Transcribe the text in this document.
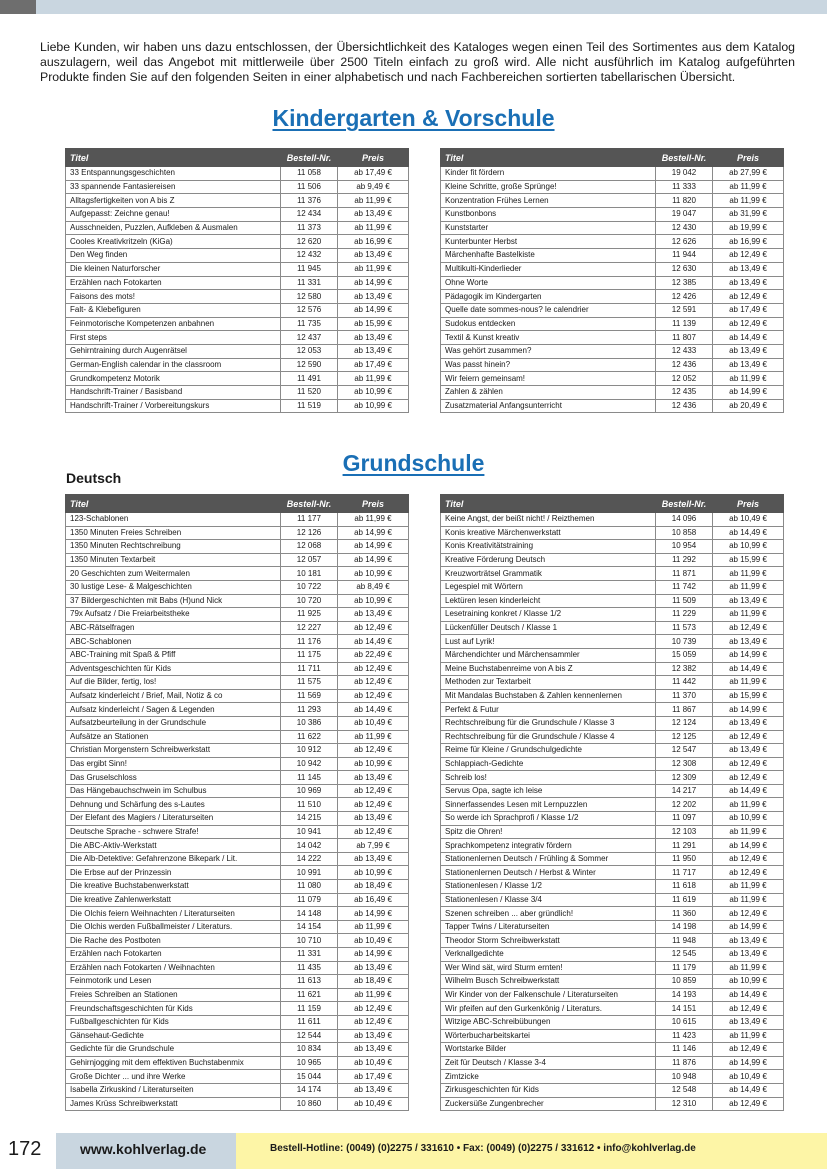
Liebe Kunden, wir haben uns dazu entschlossen, der Übersichtlichkeit des Kataloges wegen einen Teil des Sortimentes aus dem Katalog auszulagern, weil das Angebot mit mittlerweile über 2500 Titeln einfach zu groß wird. Alle nicht ausführlich im Katalog aufgeführten Produkte finden Sie auf den folgenden Seiten in einer alphabetisch und nach Fachbereichen sortierten tabellarischen Übersicht.

Kindergarten & Vorschule
Titel	Bestell-Nr.	Preis
33 Entspannungsgeschichten	11 058	ab 17,49 €
33 spannende Fantasiereisen	11 506	ab 9,49 €
Alltagsfertigkeiten von A bis Z	11 376	ab 11,99 €
Aufgepasst: Zeichne genau!	12 434	ab 13,49 €
Ausschneiden, Puzzlen, Aufkleben & Ausmalen	11 373	ab 11,99 €
Cooles Kreativkritzeln (KiGa)	12 620	ab 16,99 €
Den Weg finden	12 432	ab 13,49 €
Die kleinen Naturforscher	11 945	ab 11,99 €
Erzählen nach Fotokarten	11 331	ab 14,99 €
Faisons des mots!	12 580	ab 13,49 €
Falt- & Klebefiguren	12 576	ab 14,99 €
Feinmotorische Kompetenzen anbahnen	11 735	ab 15,99 €
First steps	12 437	ab 13,49 €
Gehirntraining durch Augenrätsel	12 053	ab 13,49 €
German-English calendar in the classroom	12 590	ab 17,49 €
Grundkompetenz Motorik	11 491	ab 11,99 €
Handschrift-Trainer / Basisband	11 520	ab 10,99 €
Handschrift-Trainer / Vorbereitungskurs	11 519	ab 10,99 €
Titel	Bestell-Nr.	Preis
Kinder fit fördern	19 042	ab 27,99 €
Kleine Schritte, große Sprünge!	11 333	ab 11,99 €
Konzentration Frühes Lernen	11 820	ab 11,99 €
Kunstbonbons	19 047	ab 31,99 €
Kunststarter	12 430	ab 19,99 €
Kunterbunter Herbst	12 626	ab 16,99 €
Märchenhafte Bastelkiste	11 944	ab 12,49 €
Multikulti-Kinderlieder	12 630	ab 13,49 €
Ohne Worte	12 385	ab 13,49 €
Pädagogik im Kindergarten	12 426	ab 12,49 €
Quelle date sommes-nous? le calendrier	12 591	ab 17,49 €
Sudokus entdecken	11 139	ab 12,49 €
Textil & Kunst kreativ	11 807	ab 14,49 €
Was gehört zusammen?	12 433	ab 13,49 €
Was passt hinein?	12 436	ab 13,49 €
Wir feiern gemeinsam!	12 052	ab 11,99 €
Zahlen & zählen	12 435	ab 14,99 €
Zusatzmaterial Anfangsunterricht	12 436	ab 20,49 €
Grundschule
Deutsch
Titel	Bestell-Nr.	Preis
123-Schablonen	11 177	ab 11,99 €
1350 Minuten Freies Schreiben	12 126	ab 14,99 €
1350 Minuten Rechtschreibung	12 068	ab 14,99 €
1350 Minuten Textarbeit	12 057	ab 14,99 €
20 Geschichten zum Weitermalen	10 181	ab 10,99 €
30 lustige Lese- & Malgeschichten	10 722	ab 8,49 €
37 Bildergeschichten mit Babs (H)und Nick	10 720	ab 10,99 €
79x Aufsatz / Die Freiarbeitstheke	11 925	ab 13,49 €
ABC-Rätselfragen	12 227	ab 12,49 €
ABC-Schablonen	11 176	ab 14,49 €
ABC-Training mit Spaß & Pfiff	11 175	ab 22,49 €
Adventsgeschichten für Kids	11 711	ab 12,49 €
Auf die Bilder, fertig, los!	11 575	ab 12,49 €
Aufsatz kinderleicht / Brief, Mail, Notiz & co	11 569	ab 12,49 €
Aufsatz kinderleicht / Sagen & Legenden	11 293	ab 14,49 €
Aufsatzbeurteilung in der Grundschule	10 386	ab 10,49 €
Aufsätze an Stationen	11 622	ab 11,99 €
Christian Morgenstern Schreibwerkstatt	10 912	ab 12,49 €
Das ergibt Sinn!	10 942	ab 10,99 €
Das Gruselschloss	11 145	ab 13,49 €
Das Hängebauchschwein im Schulbus	10 969	ab 12,49 €
Dehnung und Schärfung des s-Lautes	11 510	ab 12,49 €
Der Elefant des Magiers / Literaturseiten	14 215	ab 13,49 €
Deutsche Sprache - schwere Strafe!	10 941	ab 12,49 €
Die ABC-Aktiv-Werkstatt	14 042	ab 7,99 €
Die Alb-Detektive: Gefahrenzone Bikepark / Lit.	14 222	ab 13,49 €
Die Erbse auf der Prinzessin	10 991	ab 10,99 €
Die kreative Buchstabenwerkstatt	11 080	ab 18,49 €
Die kreative Zahlenwerkstatt	11 079	ab 16,49 €
Die Olchis feiern Weihnachten / Literaturseiten	14 148	ab 14,99 €
Die Olchis werden Fußballmeister / Literaturs.	14 154	ab 11,99 €
Die Rache des Postboten	10 710	ab 10,49 €
Erzählen nach Fotokarten	11 331	ab 14,99 €
Erzählen nach Fotokarten / Weihnachten	11 435	ab 13,49 €
Feinmotorik und Lesen	11 613	ab 18,49 €
Freies Schreiben an Stationen	11 621	ab 11,99 €
Freundschaftsgeschichten für Kids	11 159	ab 12,49 €
Fußballgeschichten für Kids	11 611	ab 12,49 €
Gänsehaut-Gedichte	12 544	ab 13,49 €
Gedichte für die Grundschule	10 834	ab 13,49 €
Gehirnjogging mit dem effektiven Buchstabenmix	10 965	ab 10,49 €
Große Dichter ... und ihre Werke	15 044	ab 17,49 €
Isabella Zirkuskind / Literaturseiten	14 174	ab 13,49 €
James Krüss Schreibwerkstatt	10 860	ab 10,49 €
Titel	Bestell-Nr.	Preis
Keine Angst, der beißt nicht! / Reizthemen	14 096	ab 10,49 €
Konis kreative Märchenwerkstatt	10 858	ab 14,49 €
Konis Kreativitätstraining	10 954	ab 10,99 €
Kreative Förderung Deutsch	11 292	ab 15,99 €
Kreuzworträtsel Grammatik	11 871	ab 11,99 €
Legespiel mit Wörtern	11 742	ab 11,99 €
Lektüren lesen kinderleicht	11 509	ab 13,49 €
Lesetraining konkret / Klasse 1/2	11 229	ab 11,99 €
Lückenfüller Deutsch / Klasse 1	11 573	ab 12,49 €
Lust auf Lyrik!	10 739	ab 13,49 €
Märchendichter und Märchensammler	15 059	ab 14,99 €
Meine Buchstabenreime von A bis Z	12 382	ab 14,49 €
Methoden zur Textarbeit	11 442	ab 11,99 €
Mit Mandalas Buchstaben & Zahlen kennenlernen	11 370	ab 15,99 €
Perfekt & Futur	11 867	ab 14,99 €
Rechtschreibung für die Grundschule / Klasse 3	12 124	ab 13,49 €
Rechtschreibung für die Grundschule / Klasse 4	12 125	ab 12,49 €
Reime für Kleine / Grundschulgedichte	12 547	ab 13,49 €
Schlappiach-Gedichte	12 308	ab 12,49 €
Schreib los!	12 309	ab 12,49 €
Servus Opa, sagte ich leise	14 217	ab 14,49 €
Sinnerfassendes Lesen mit Lernpuzzlen	12 202	ab 11,99 €
So werde ich Sprachprofi / Klasse 1/2	11 097	ab 10,99 €
Spitz die Ohren!	12 103	ab 11,99 €
Sprachkompetenz integrativ fördern	11 291	ab 14,99 €
Stationenlernen Deutsch / Frühling & Sommer	11 950	ab 12,49 €
Stationenlernen Deutsch / Herbst & Winter	11 717	ab 12,49 €
Stationenlesen / Klasse 1/2	11 618	ab 11,99 €
Stationenlesen / Klasse 3/4	11 619	ab 11,99 €
Szenen schreiben ... aber gründlich!	11 360	ab 12,49 €
Tapper Twins / Literaturseiten	14 198	ab 14,99 €
Theodor Storm Schreibwerkstatt	11 948	ab 13,49 €
Verknallgedichte	12 545	ab 13,49 €
Wer Wind sät, wird Sturm ernten!	11 179	ab 11,99 €
Wilhelm Busch Schreibwerkstatt	10 859	ab 10,99 €
Wir Kinder von der Falkenschule / Literaturseiten	14 193	ab 14,49 €
Wir pfeifen auf den Gurkenkönig / Literaturs.	14 151	ab 12,49 €
Witzige ABC-Schreibübungen	10 615	ab 13,49 €
Wörterbucharbeitskartei	11 423	ab 11,99 €
Wortstarke Bilder	11 146	ab 12,49 €
Zeit für Deutsch / Klasse 3-4	11 876	ab 14,99 €
Zimtzicke	10 948	ab 10,49 €
Zirkusgeschichten für Kids	12 548	ab 14,49 €
Zuckersüße Zungenbrecher	12 310	ab 12,49 €
172	www.kohlverlag.de	Bestell-Hotline: (0049) (0)2275 / 331610 • Fax: (0049) (0)2275 / 331612 • info@kohlverlag.de
